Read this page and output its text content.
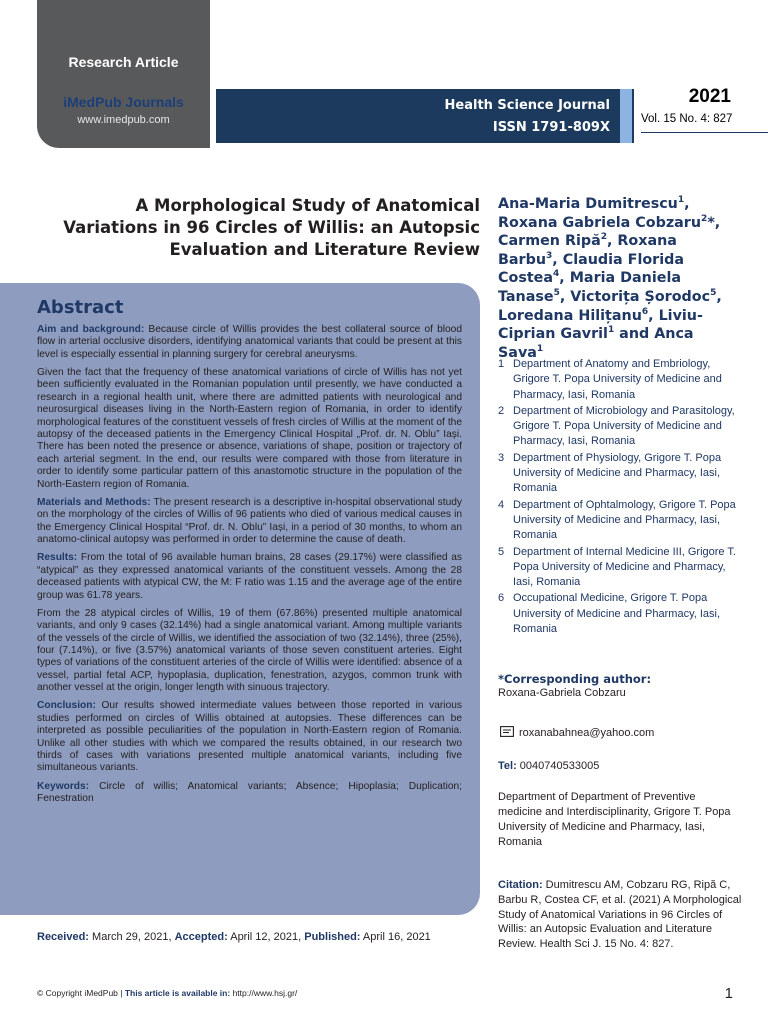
Research Article
iMedPub Journals
www.imedpub.com
Health Science Journal
ISSN 1791-809X
2021
Vol. 15 No. 4: 827
A Morphological Study of Anatomical Variations in 96 Circles of Willis: an Autopsic Evaluation and Literature Review
Abstract

Aim and background: Because circle of Willis provides the best collateral source of blood flow in arterial occlusive disorders, identifying anatomical variants that could be present at this level is especially essential in planning surgery for cerebral aneurysms.

Given the fact that the frequency of these anatomical variations of circle of Willis has not yet been sufficiently evaluated in the Romanian population until presently, we have conducted a research in a regional health unit, where there are admitted patients with neurological and neurosurgical diseases living in the North-Eastern region of Romania, in order to identify morphological features of the constituent vessels of fresh circles of Willis at the moment of the autopsy of the deceased patients in the Emergency Clinical Hospital „Prof. dr. N. Oblu” Iași. There has been noted the presence or absence, variations of shape, position or trajectory of each arterial segment. In the end, our results were compared with those from literature in order to identify some particular pattern of this anastomotic structure in the population of the North-Eastern region of Romania.

Materials and Methods: The present research is a descriptive in-hospital observational study on the morphology of the circles of Willis of 96 patients who died of various medical causes in the Emergency Clinical Hospital “Prof. dr. N. Oblu” Iași, in a period of 30 months, to whom an anatomo-clinical autopsy was performed in order to determine the cause of death.

Results: From the total of 96 available human brains, 28 cases (29.17%) were classified as “atypical” as they expressed anatomical variants of the constituent vessels. Among the 28 deceased patients with atypical CW, the M: F ratio was 1.15 and the average age of the entire group was 61.78 years.

From the 28 atypical circles of Willis, 19 of them (67.86%) presented multiple anatomical variants, and only 9 cases (32.14%) had a single anatomical variant. Among multiple variants of the vessels of the circle of Willis, we identified the association of two (32.14%), three (25%), four (7.14%), or five (3.57%) anatomical variants of those seven constituent arteries. Eight types of variations of the constituent arteries of the circle of Willis were identified: absence of a vessel, partial fetal ACP, hypoplasia, duplication, fenestration, azygos, common trunk with another vessel at the origin, longer length with sinuous trajectory.

Conclusion: Our results showed intermediate values between those reported in various studies performed on circles of Willis obtained at autopsies. These differences can be interpreted as possible peculiarities of the population in North-Eastern region of Romania. Unlike all other studies with which we compared the results obtained, in our research two thirds of cases with variations presented multiple anatomical variants, including five simultaneous variants.

Keywords: Circle of willis; Anatomical variants; Absence; Hipoplasia; Duplication; Fenestration

Received: March 29, 2021, Accepted: April 12, 2021, Published: April 16, 2021
© Copyright iMedPub | This article is available in: http://www.hsj.gr/	1
Ana-Maria Dumitrescu$^1$, Roxana Gabriela Cobzaru$^2$*, Carmen Ripă$^2$, Roxana Barbu$^3$, Claudia Florida Costea$^4$, Maria Daniela Tanase$^5$, Victorița Șorodoc$^5$, Loredana Hilițanu$^6$, Liviu-Ciprian Gavril$^1$ and Anca Sava$^1$
1 Department of Anatomy and Embriology, Grigore T. Popa University of Medicine and Pharmacy, Iasi, Romania
2 Department of Microbiology and Parasitology, Grigore T. Popa University of Medicine and Pharmacy, Iasi, Romania
3 Department of Physiology, Grigore T. Popa University of Medicine and Pharmacy, Iasi, Romania
4 Department of Ophtalmology, Grigore T. Popa University of Medicine and Pharmacy, Iasi, Romania
5 Department of Internal Medicine III, Grigore T. Popa University of Medicine and Pharmacy, Iasi, Romania
6 Occupational Medicine, Grigore T. Popa University of Medicine and Pharmacy, Iasi, Romania
*Corresponding author:
Roxana-Gabriela Cobzaru
roxanabahnea@yahoo.com
Tel: 0040740533005
Department of Department of Preventive medicine and Interdisciplinarity, Grigore T. Popa University of Medicine and Pharmacy, Iasi, Romania
Citation: Dumitrescu AM, Cobzaru RG, Ripă C, Barbu R, Costea CF, et al. (2021) A Morphological Study of Anatomical Variations in 96 Circles of Willis: an Autopsic Evaluation and Literature Review. Health Sci J. 15 No. 4: 827.
